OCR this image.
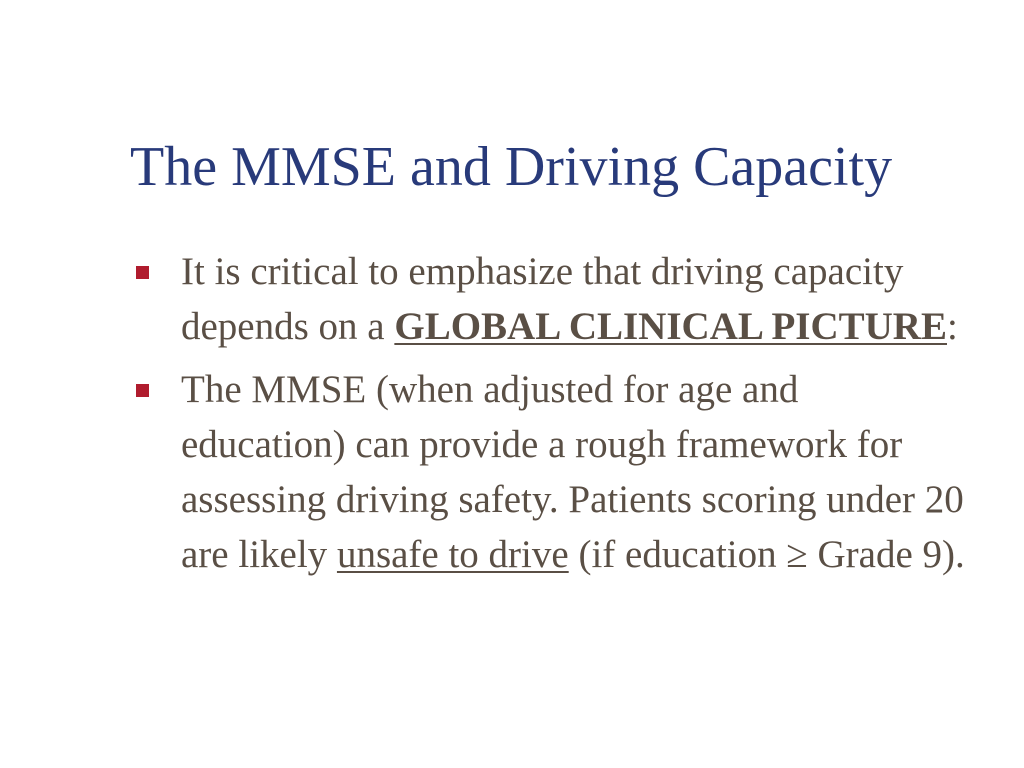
The MMSE and Driving Capacity
It is critical to emphasize that driving capacity depends on a GLOBAL CLINICAL PICTURE:
The MMSE (when adjusted for age and education) can provide a rough framework for assessing driving safety. Patients scoring under 20 are likely unsafe to drive (if education ≥ Grade 9).
